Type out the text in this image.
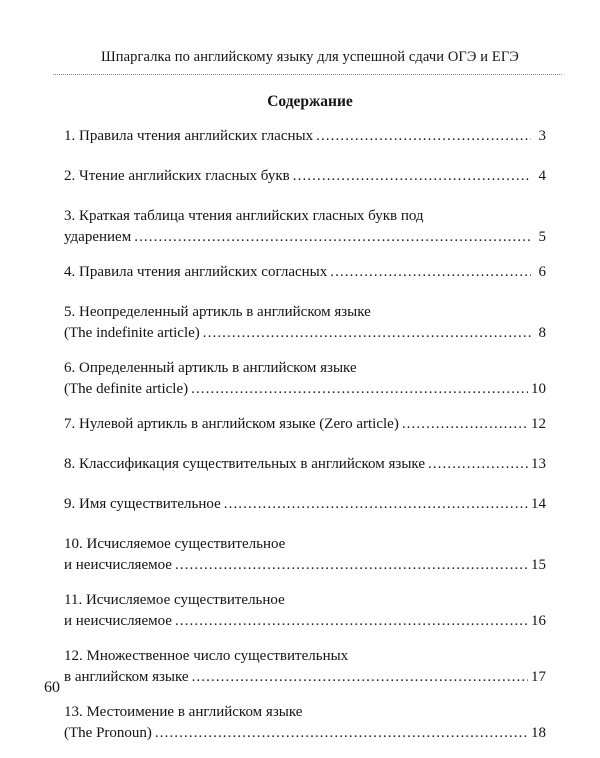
Шпаргалка по английскому языку для успешной сдачи ОГЭ и ЕГЭ
Содержание
1. Правила чтения английских гласных .....	3
2. Чтение английских гласных букв .....	4
3. Краткая таблица чтения английских гласных букв под
ударением .....	5
4. Правила чтения английских согласных .....	6
5. Неопределенный артикль в английском языке
(The indefinite article) .....	8
6. Определенный артикль в английском языке
(The definite article) .....	10
7. Нулевой артикль в английском языке (Zero article) .....	12
8. Классификация существительных в английском языке .....	13
9. Имя существительное .....	14
10. Исчисляемое существительное
и неисчисляемое .....	15
11. Исчисляемое существительное
и неисчисляемое .....	16
12. Множественное число существительных
в английском языке .....	17
13. Местоимение в английском языке
(The Pronoun) .....	18
60
